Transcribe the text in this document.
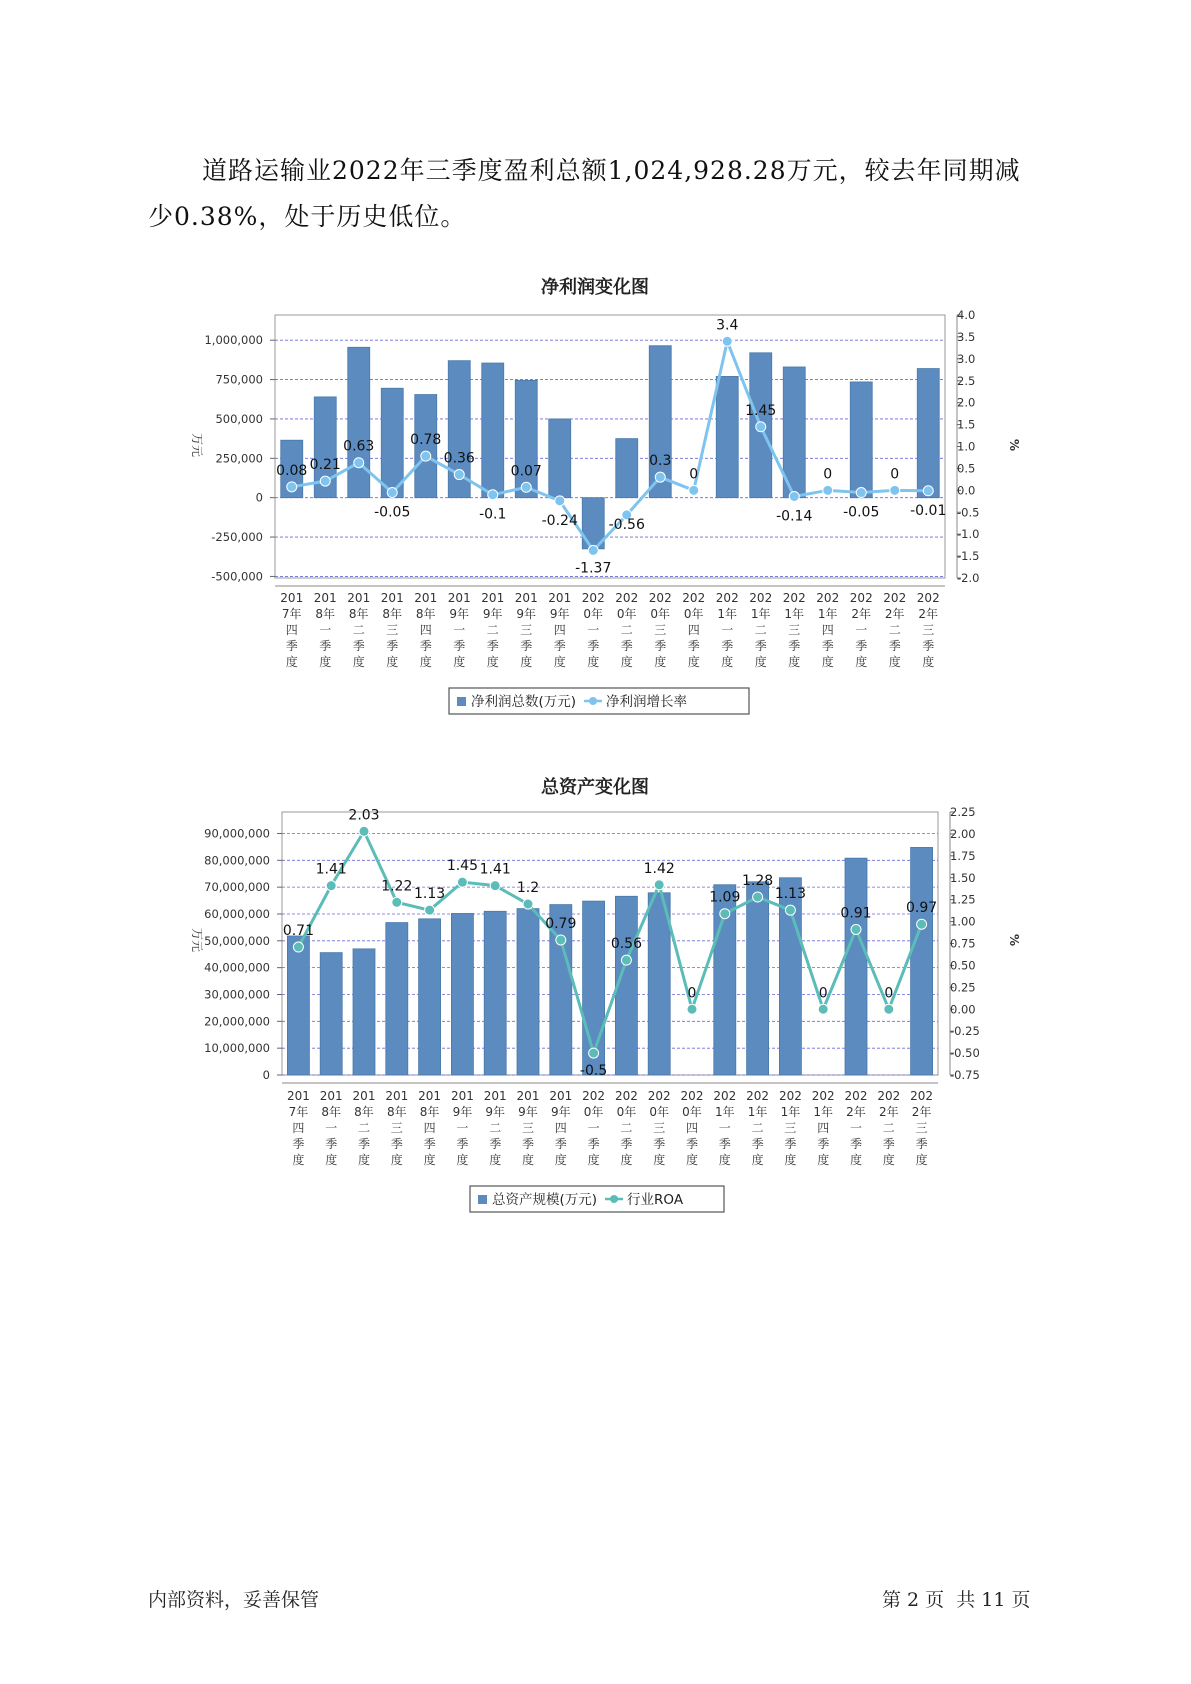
道路运输业2022年三季度盈利总额1,024,928.28万元，较去年同期减
少0.38%，处于历史低位。
净利润变化图
1,000,000
750,000
500,000
250,000
0
-250,000
-500,000
4.0
3.5
3.0
2.5
2.0
1.5
1.0
0.5
0.0
-0.5
-1.0
-1.5
-2.0
万元	%
0.08 0.21
0.63
-0.05
0.78
0.36
-0.1
0.07
-0.24
-1.37
-0.56
0.3
0
3.4
1.45
-0.14
0
-0.05
0
-0.01
201
7年
四
季
度
201
8年
一
季
度
201
8年
二
季
度
201
8年
三
季
度
201
8年
四
季
度
201
9年
一
季
度
201
9年
二
季
度
201
9年
三
季
度
201
9年
四
季
度
202
0年
一
季
度
202
0年
二
季
度
202
0年
三
季
度
202
0年
四
季
度
202
1年
一
季
度
202
1年
二
季
度
202
1年
三
季
度
202
1年
四
季
度
202
2年
一
季
度
202
2年
二
季
度
202
2年
三
季
度
净利润总数(万元) 净利润增长率
总资产变化图
90,000,000
80,000,000
70,000,000
60,000,000
50,000,000
40,000,000
30,000,000
20,000,000
10,000,000
0
2.25
2.00
1.75
1.50
1.25
1.00
0.75
0.50
0.25
0.00
-0.25
-0.50
-0.75
万元	%
0.71
1.41
2.03
1.22 1.13
1.45 1.41
1.2
0.79
-0.5
0.56
1.42
0
1.09
1.28
1.13
0
0.91
0
0.97
201
7年
四
季
度
201
8年
一
季
度
201
8年
二
季
度
201
8年
三
季
度
201
8年
四
季
度
201
9年
一
季
度
201
9年
二
季
度
201
9年
三
季
度
201
9年
四
季
度
202
0年
一
季
度
202
0年
二
季
度
202
0年
三
季
度
202
0年
四
季
度
202
1年
一
季
度
202
1年
二
季
度
202
1年
三
季
度
202
1年
四
季
度
202
2年
一
季
度
202
2年
二
季
度
202
2年
三
季
度
总资产规模(万元) 行业ROA
内部资料，妥善保管	第 2 页  共 11 页
